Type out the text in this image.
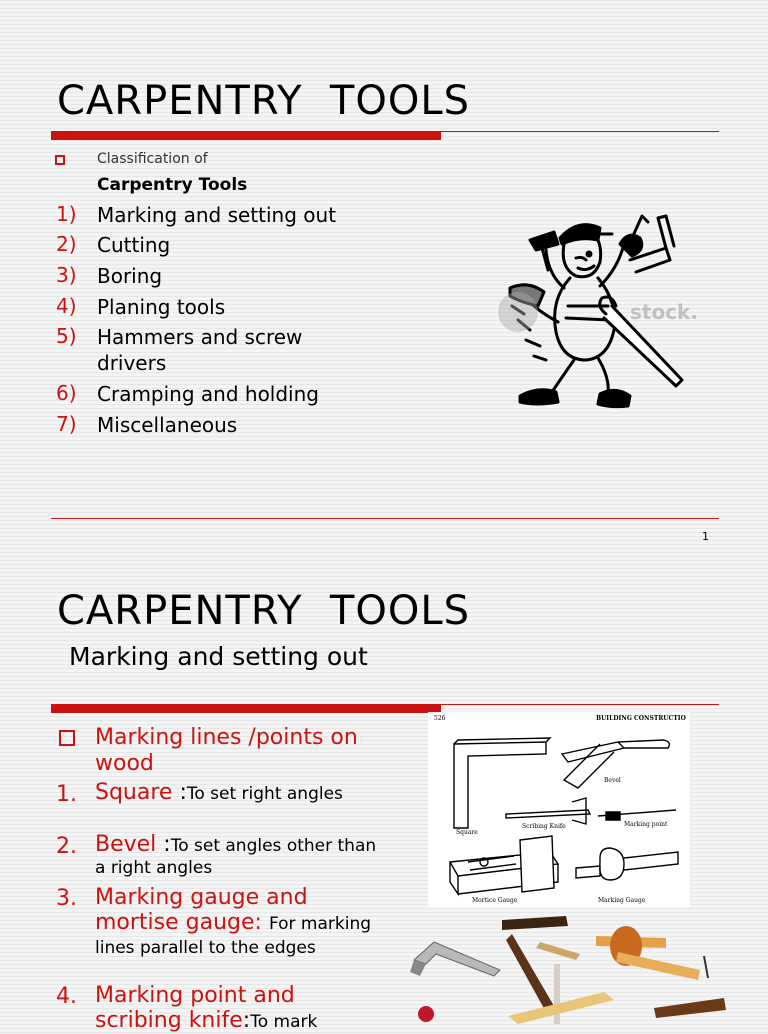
CARPENTRY  TOOLS
Classification of
Carpentry Tools
1) Marking and setting out
2) Cutting
3) Boring
4) Planing tools
5) Hammers and screw drivers
6) Cramping and holding
7) Miscellaneous
stock.
1
CARPENTRY  TOOLS
Marking and setting out
Marking lines /points on wood
1. Square :To set right angles
2. Bevel :To set angles other than a right angles
3. Marking gauge and mortise gauge: For marking lines parallel to the edges
4. Marking point and scribing knife:To mark
526	BUILDING CONSTRUCTIO
Bevel
Square
Scribing Knife	Marking point
Mortice Gauge	Marking Gauge
